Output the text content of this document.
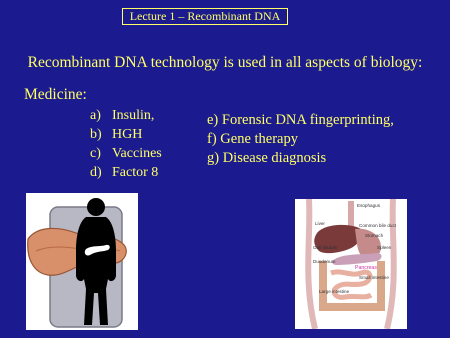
Lecture 1 – Recombinant DNA
Recombinant DNA technology is used in all aspects of biology:
Medicine:
a) Insulin,
b) HGH
c) Vaccines
d) Factor 8
e) Forensic DNA fingerprinting,
f) Gene therapy
g) Disease diagnosis
Esophagus
Liver	Common bile duct
Stomach
Gall bladder	Spleen
Duodenum
Pancreas
Small intestine
Large intestine
